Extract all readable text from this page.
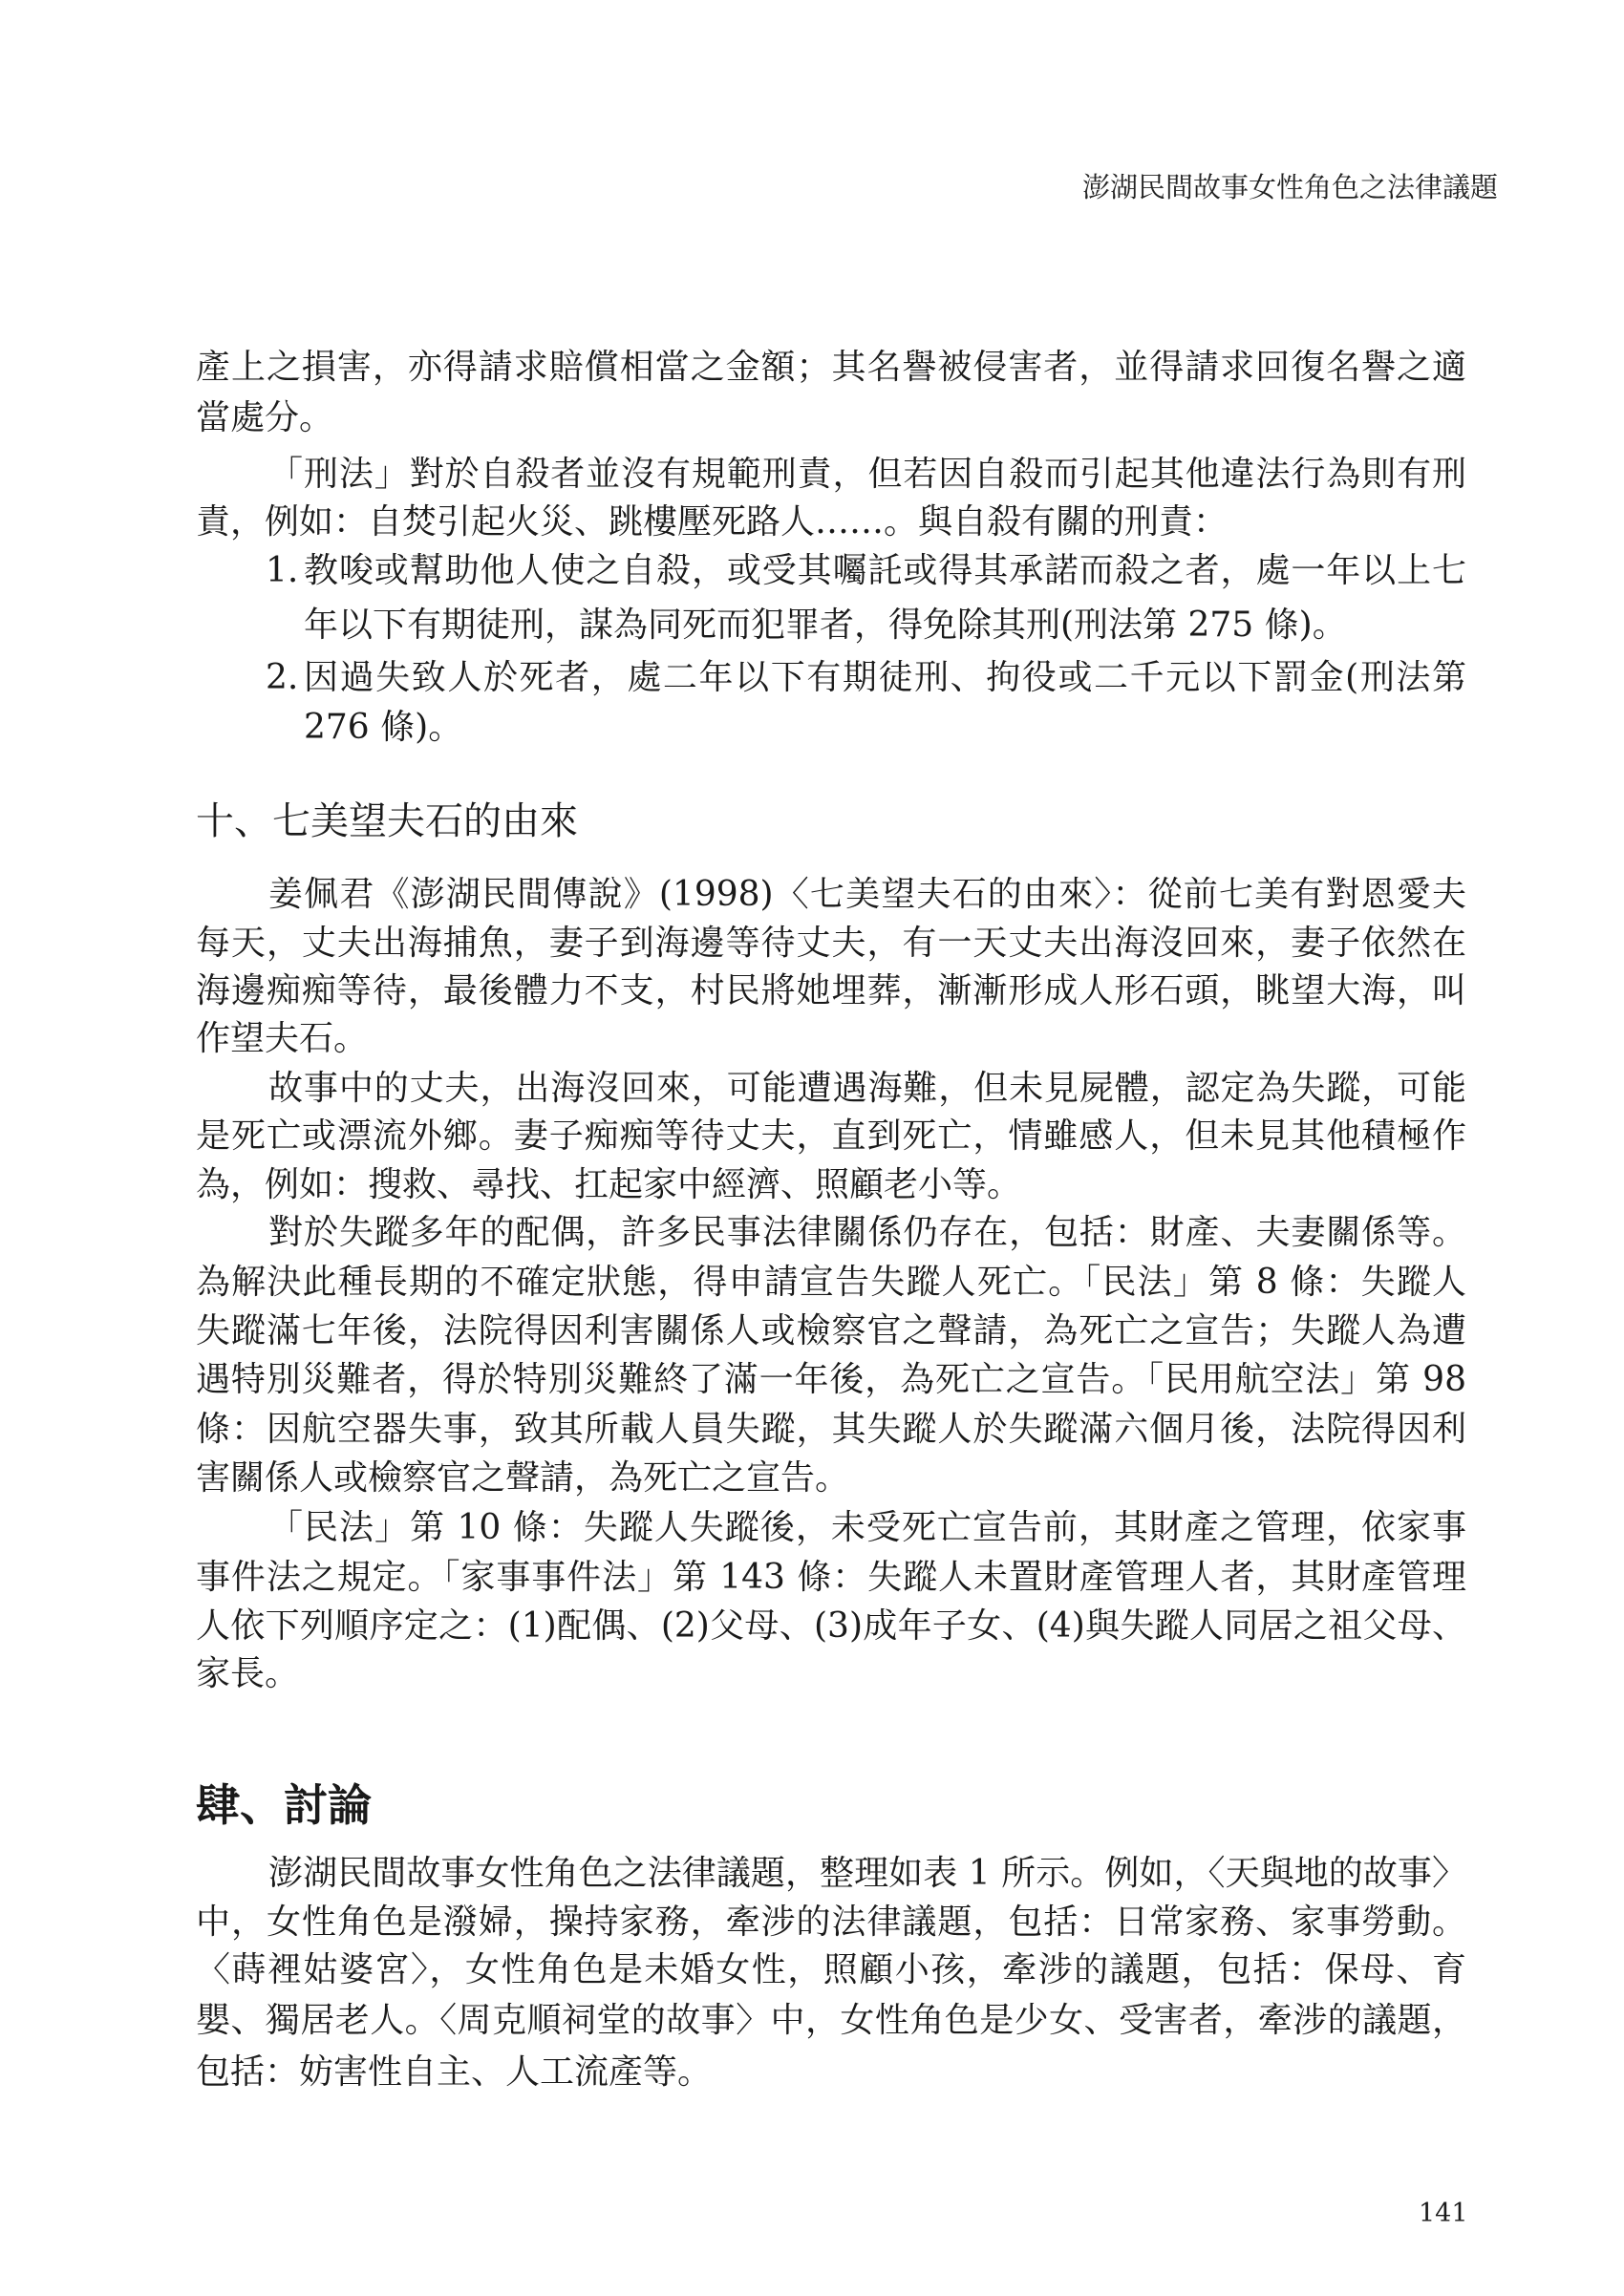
澎湖民間故事女性角色之法律議題
產上之損害，亦得請求賠償相當之金額；其名譽被侵害者，並得請求回復名譽之適
當處分。
「刑法」對於自殺者並沒有規範刑責，但若因自殺而引起其他違法行為則有刑
責，例如：自焚引起火災、跳樓壓死路人……。與自殺有關的刑責：
1. 教唆或幫助他人使之自殺，或受其囑託或得其承諾而殺之者，處一年以上七
年以下有期徒刑，謀為同死而犯罪者，得免除其刑(刑法第 275 條)。
2. 因過失致人於死者，處二年以下有期徒刑、拘役或二千元以下罰金(刑法第
276 條)。
十、七美望夫石的由來
姜佩君《澎湖民間傳說》(1998)〈七美望夫石的由來〉：從前七美有對恩愛夫
每天，丈夫出海捕魚，妻子到海邊等待丈夫，有一天丈夫出海沒回來，妻子依然在
海邊痴痴等待，最後體力不支，村民將她埋葬，漸漸形成人形石頭，眺望大海，叫
作望夫石。
故事中的丈夫，出海沒回來，可能遭遇海難，但未見屍體，認定為失蹤，可能
是死亡或漂流外鄉。妻子痴痴等待丈夫，直到死亡，情雖感人，但未見其他積極作
為，例如：搜救、尋找、扛起家中經濟、照顧老小等。
對於失蹤多年的配偶，許多民事法律關係仍存在，包括：財產、夫妻關係等。
為解決此種長期的不確定狀態，得申請宣告失蹤人死亡。「民法」第 8 條：失蹤人
失蹤滿七年後，法院得因利害關係人或檢察官之聲請，為死亡之宣告；失蹤人為遭
遇特別災難者，得於特別災難終了滿一年後，為死亡之宣告。「民用航空法」第 98
條：因航空器失事，致其所載人員失蹤，其失蹤人於失蹤滿六個月後，法院得因利
害關係人或檢察官之聲請，為死亡之宣告。
「民法」第 10 條：失蹤人失蹤後，未受死亡宣告前，其財產之管理，依家事
事件法之規定。「家事事件法」第 143 條：失蹤人未置財產管理人者，其財產管理
人依下列順序定之：(1)配偶、(2)父母、(3)成年子女、(4)與失蹤人同居之祖父母、
家長。
肆、討論
澎湖民間故事女性角色之法律議題，整理如表 1 所示。例如，〈天與地的故事〉
中，女性角色是潑婦，操持家務，牽涉的法律議題，包括：日常家務、家事勞動。
〈蒔裡姑婆宮〉，女性角色是未婚女性，照顧小孩，牽涉的議題，包括：保母、育
嬰、獨居老人。〈周克順祠堂的故事〉中，女性角色是少女、受害者，牽涉的議題，
包括：妨害性自主、人工流產等。
141
